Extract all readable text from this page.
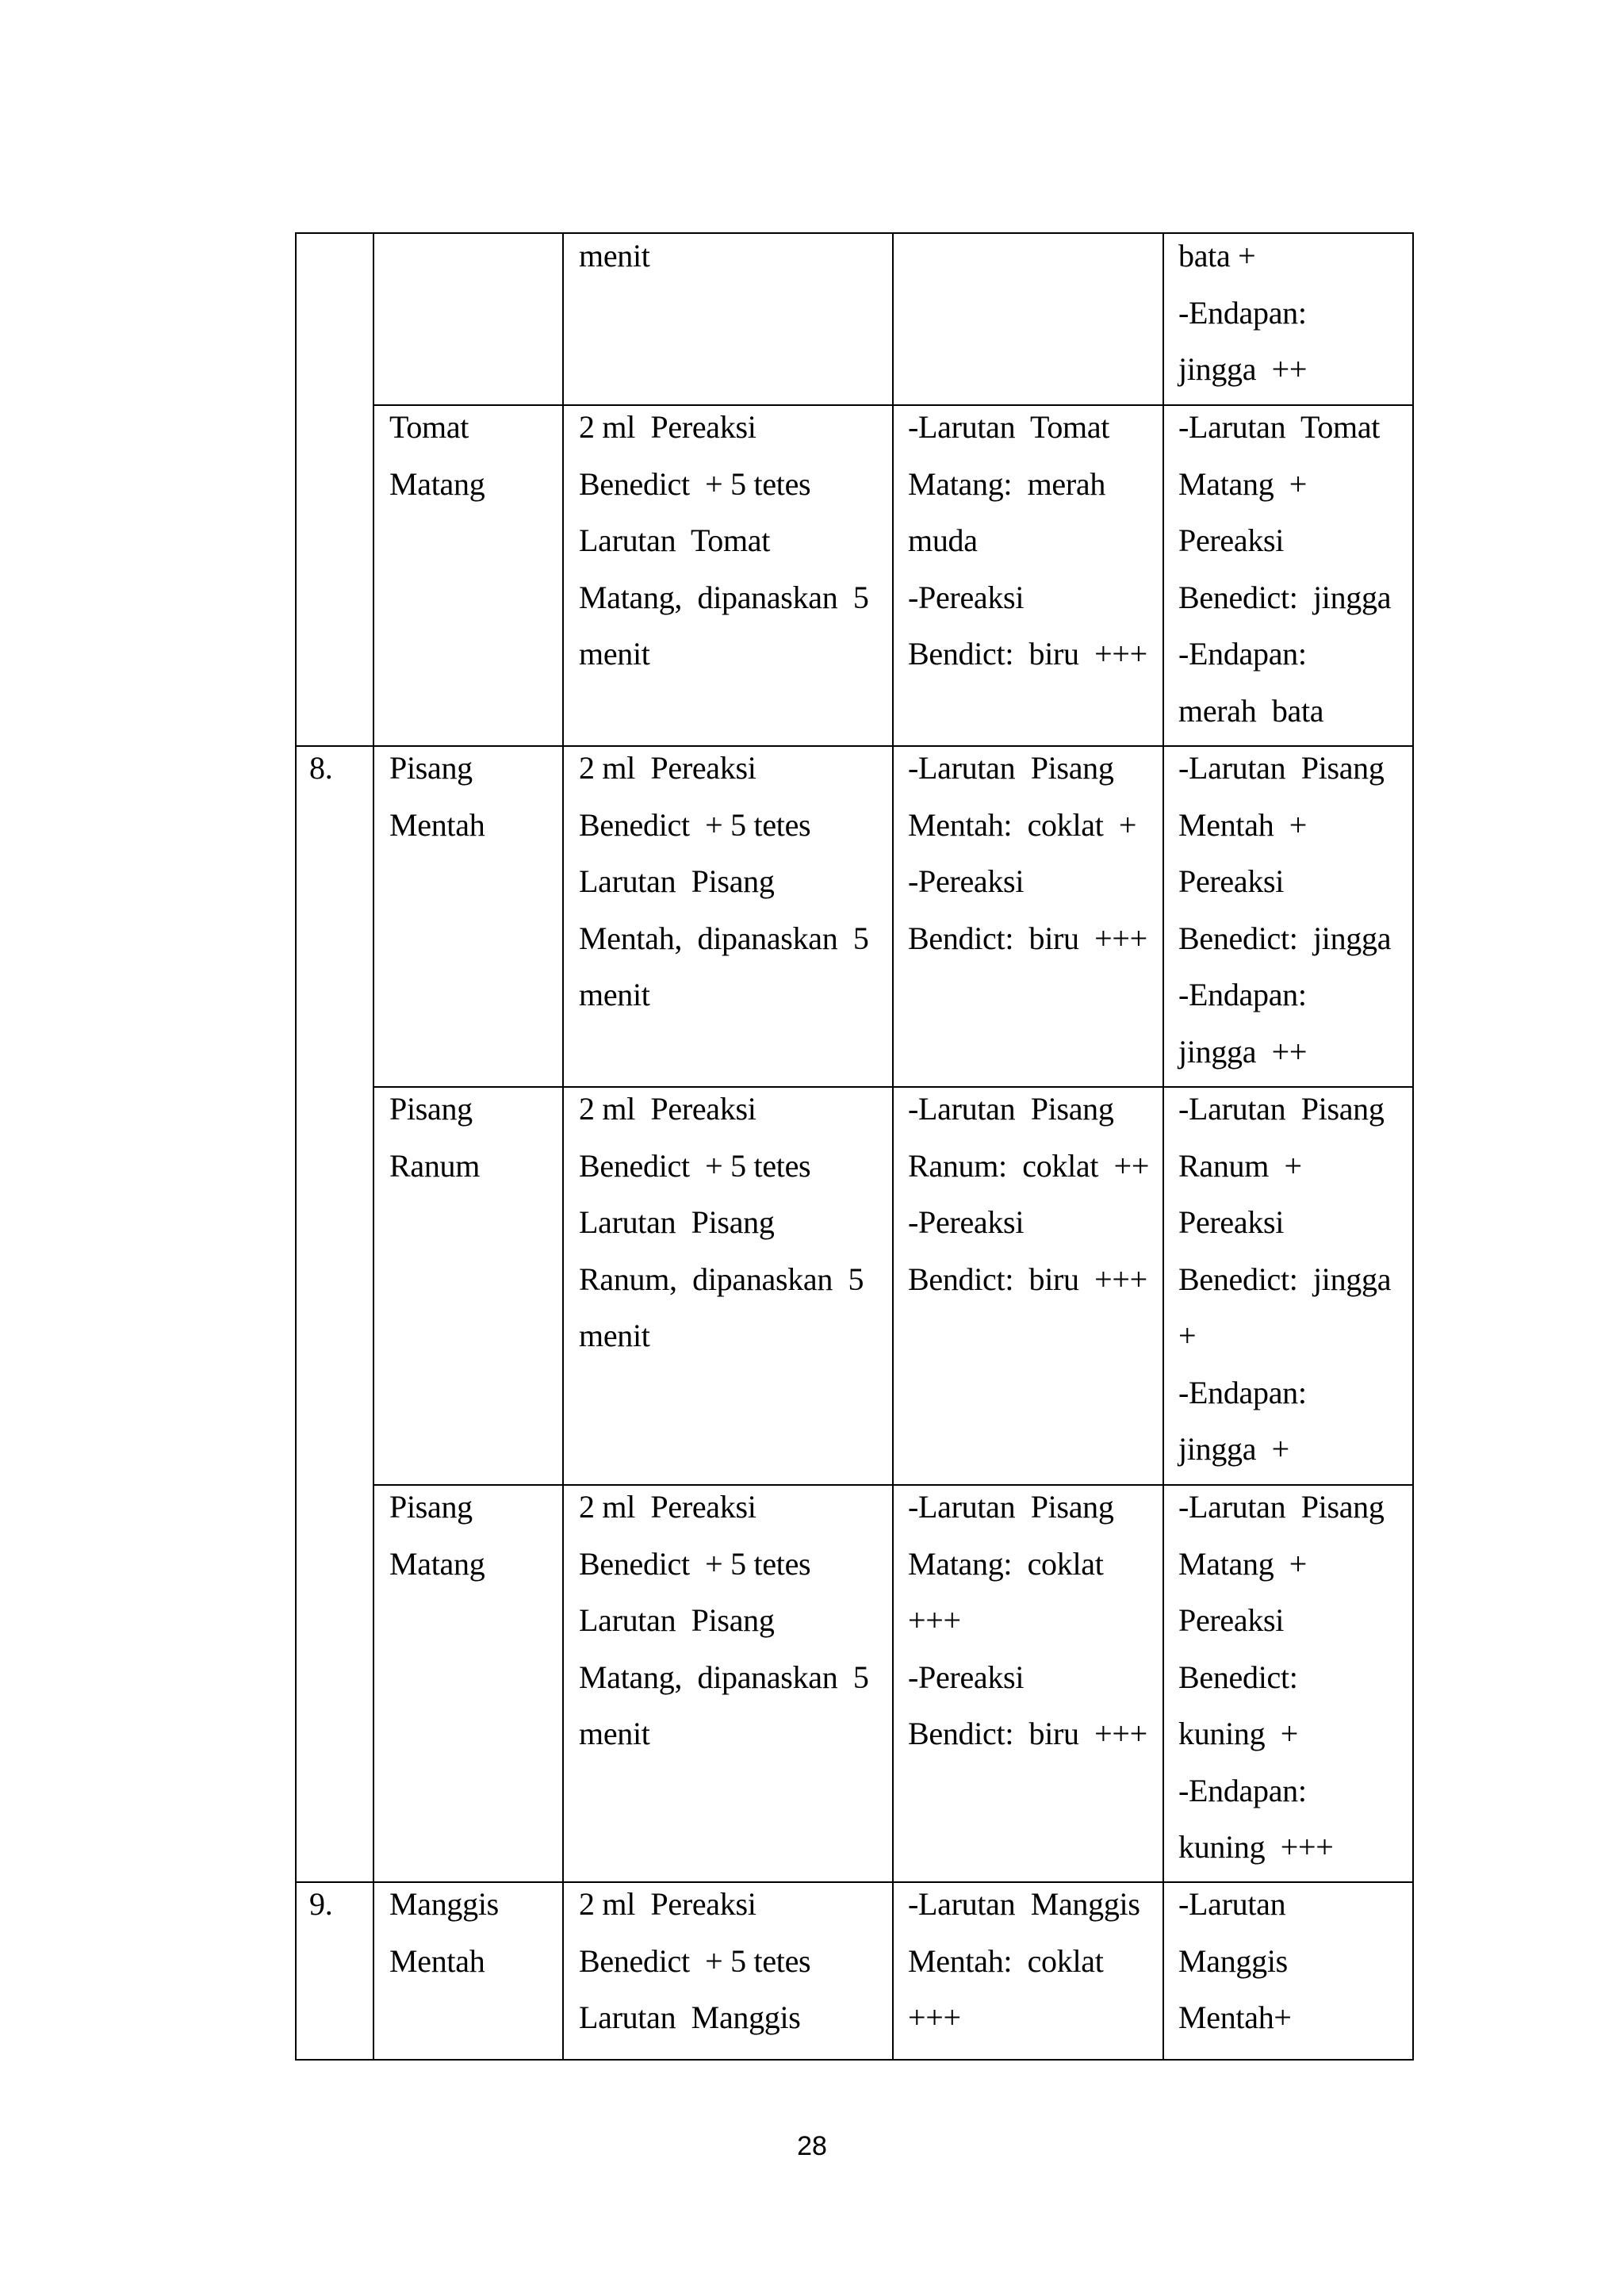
menit	bata +
-Endapan:
jingga  ++
Tomat
Matang
2 ml  Pereaksi
Benedict  + 5 tetes
Larutan  Tomat
Matang,  dipanaskan  5
menit
-Larutan  Tomat
Matang:  merah
muda
-Pereaksi
Bendict:  biru  +++
-Larutan  Tomat
Matang  +
Pereaksi
Benedict:  jingga
-Endapan:
merah  bata
8. Pisang
Mentah
2 ml  Pereaksi
Benedict  + 5 tetes
Larutan  Pisang
Mentah,  dipanaskan  5
menit
-Larutan  Pisang
Mentah:  coklat  +
-Pereaksi
Bendict:  biru  +++
-Larutan  Pisang
Mentah  +
Pereaksi
Benedict:  jingga
-Endapan:
jingga  ++
Pisang
Ranum
2 ml  Pereaksi
Benedict  + 5 tetes
Larutan  Pisang
Ranum,  dipanaskan  5
menit
-Larutan  Pisang
Ranum:  coklat  ++
-Pereaksi
Bendict:  biru  +++
-Larutan  Pisang
Ranum  +
Pereaksi
Benedict:  jingga
+
-Endapan:
jingga  +
Pisang
Matang
2 ml  Pereaksi
Benedict  + 5 tetes
Larutan  Pisang
Matang,  dipanaskan  5
menit
-Larutan  Pisang
Matang:  coklat
+++
-Pereaksi
Bendict:  biru  +++
-Larutan  Pisang
Matang  +
Pereaksi
Benedict:
kuning  +
-Endapan:
kuning  +++
9. Manggis
Mentah
2 ml  Pereaksi
Benedict  + 5 tetes
Larutan  Manggis
-Larutan  Manggis
Mentah:  coklat
+++
-Larutan
Manggis
Mentah+
28
